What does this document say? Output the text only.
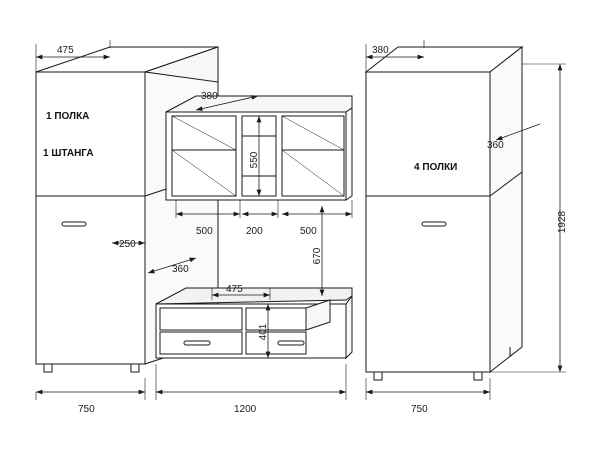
475
250
360
380
550
500	200	500
670
475
401
380
360
1928
750	1200	750
1 ПОЛКА
1 ШТАНГА
4 ПОЛКИ
